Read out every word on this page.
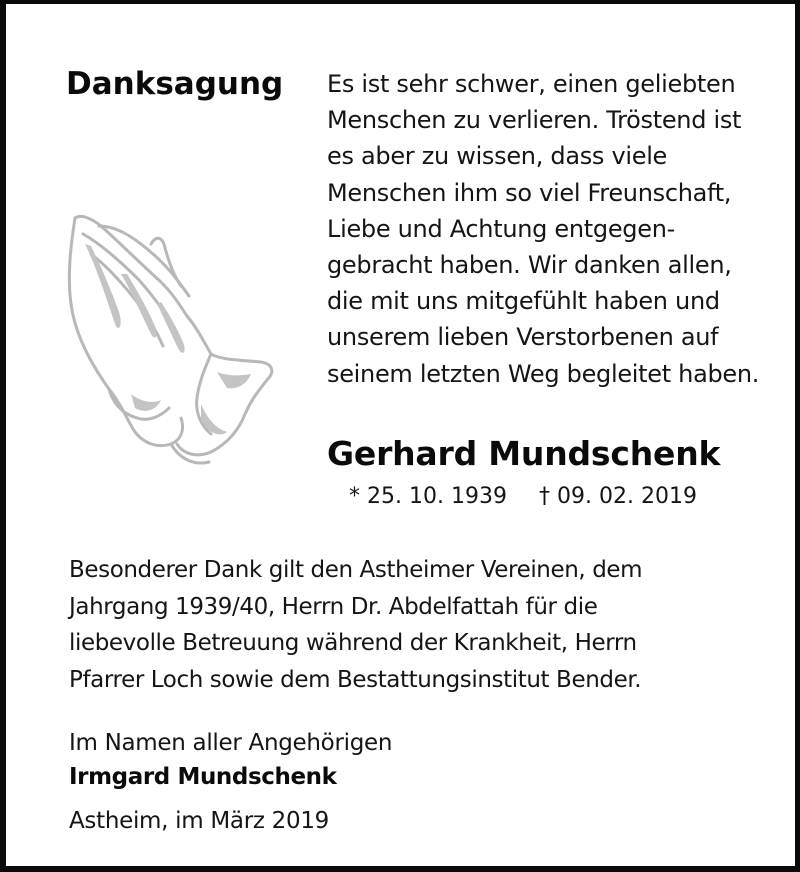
Danksagung Es ist sehr schwer, einen geliebten
Menschen zu verlieren. Tröstend ist
es aber zu wissen, dass viele
Menschen ihm so viel Freunschaft,
Liebe und Achtung entgegen-
gebracht haben. Wir danken allen,
die mit uns mitgefühlt haben und
unserem lieben Verstorbenen auf
seinem letzten Weg begleitet haben.
Gerhard Mundschenk
* 25. 10. 1939 † 09. 02. 2019
Besonderer Dank gilt den Astheimer Vereinen, dem
Jahrgang 1939/40, Herrn Dr. Abdelfattah für die
liebevolle Betreuung während der Krankheit, Herrn
Pfarrer Loch sowie dem Bestattungsinstitut Bender.
Im Namen aller Angehörigen
Irmgard Mundschenk
Astheim, im März 2019
